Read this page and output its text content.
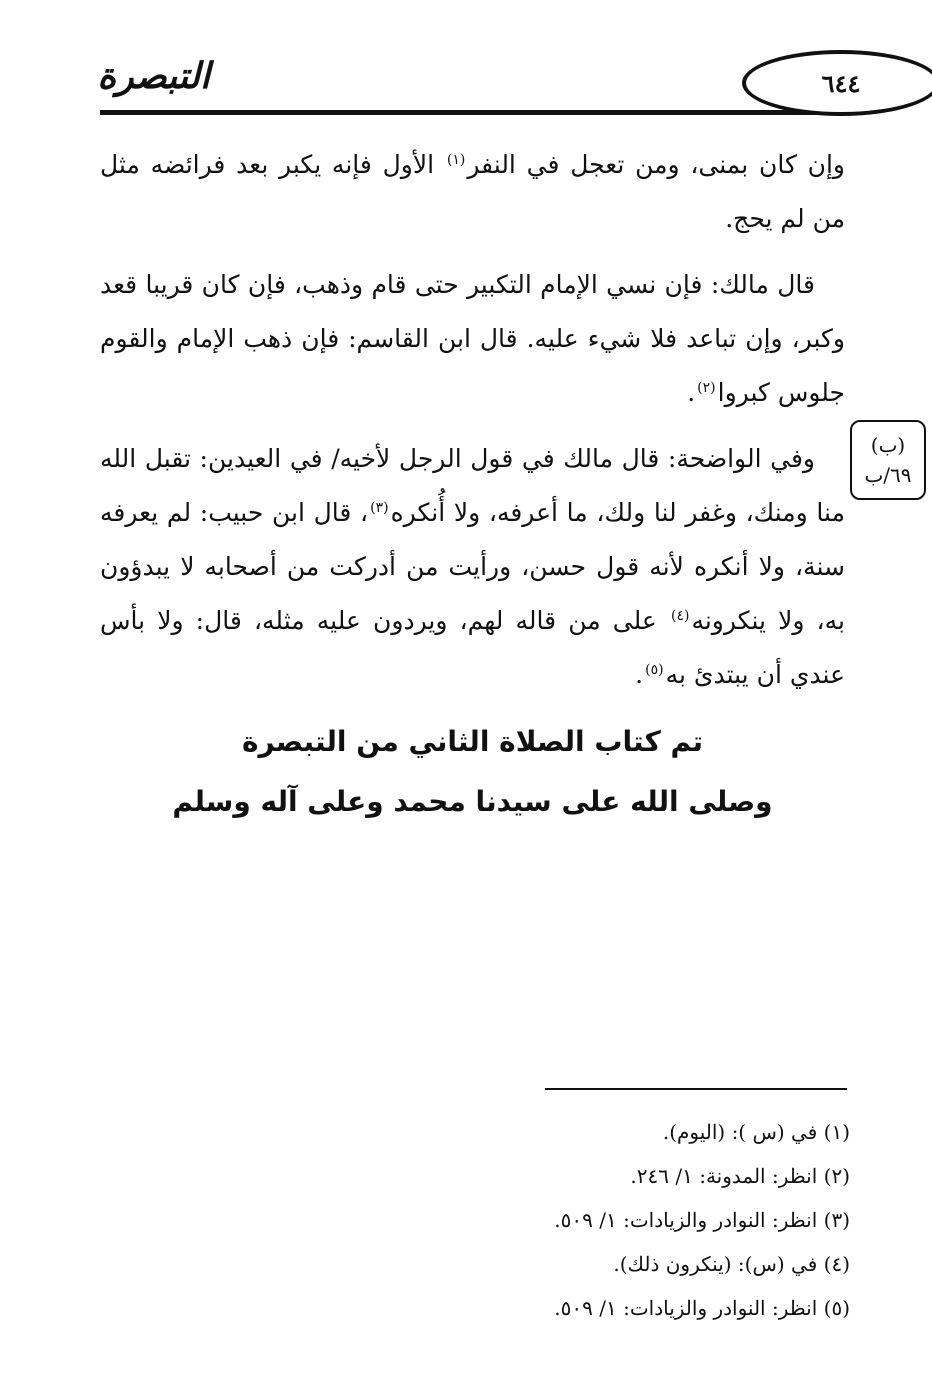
التبصرة	٦٤٤
(ب)
٦٩/ب

وإن كان بمنى، ومن تعجل في النفر$^{(١)}$ الأول فإنه يكبر بعد فرائضه مثل من لم يحج.

قال مالك: فإن نسي الإمام التكبير حتى قام وذهب، فإن كان قريبا قعد وكبر، وإن تباعد فلا شيء عليه. قال ابن القاسم: فإن ذهب الإمام والقوم جلوس كبروا$^{(٢)}$.

وفي الواضحة: قال مالك في قول الرجل لأخيه/ في العيدين: تقبل الله منا ومنك، وغفر لنا ولك، ما أعرفه، ولا أُنكره$^{(٣)}$، قال ابن حبيب: لم يعرفه سنة، ولا أنكره لأنه قول حسن، ورأيت من أدركت من أصحابه لا يبدؤون به، ولا ينكرونه$^{(٤)}$ على من قاله لهم، ويردون عليه مثله، قال: ولا بأس عندي أن يبتدئ به$^{(٥)}$.

تم كتاب الصلاة الثاني من التبصرة
وصلى الله على سيدنا محمد وعلى آله وسلم
(١) في (س ): (اليوم).
(٢) انظر: المدونة: ١/ ٢٤٦.
(٣) انظر: النوادر والزيادات: ١/ ٥٠٩.
(٤) في (س): (ينكرون ذلك).
(٥) انظر: النوادر والزيادات: ١/ ٥٠٩.
